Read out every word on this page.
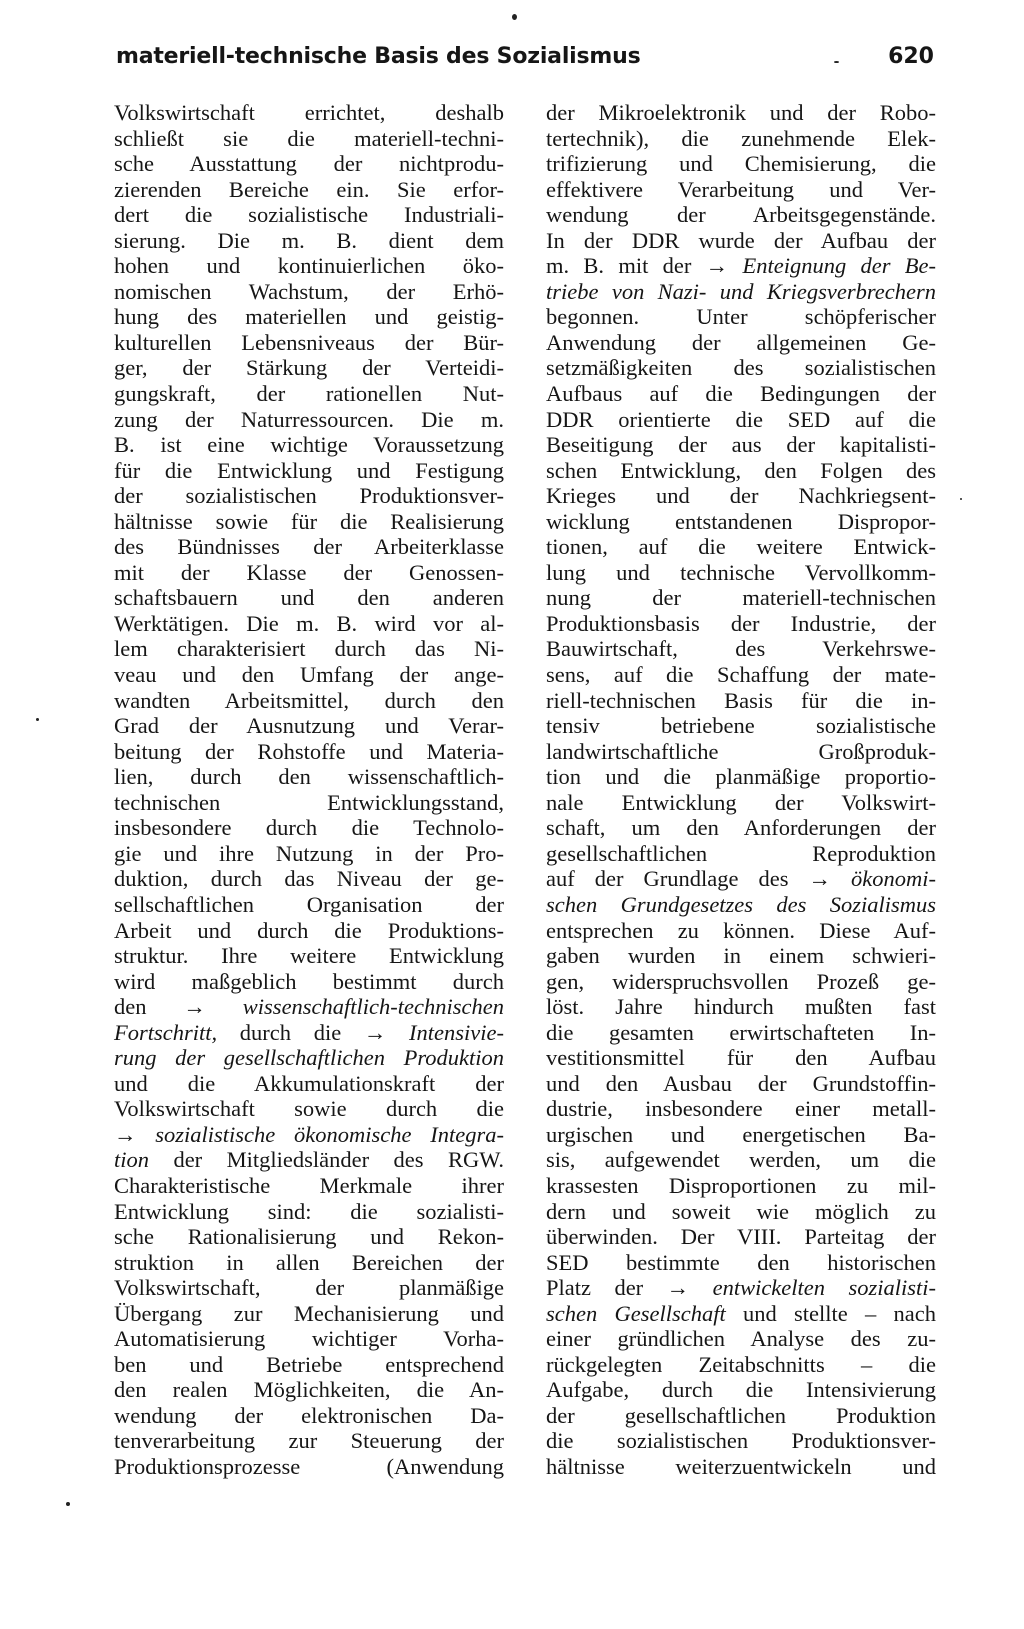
materiell-technische Basis des Sozialismus	620
Volkswirtschaft errichtet, deshalb
schließt sie die materiell-techni-
sche Ausstattung der nichtprodu-
zierenden Bereiche ein. Sie erfor-
dert die sozialistische Industriali-
sierung. Die m. B. dient dem
hohen und kontinuierlichen öko-
nomischen Wachstum, der Erhö-
hung des materiellen und geistig-
kulturellen Lebensniveaus der Bür-
ger, der Stärkung der Verteidi-
gungskraft, der rationellen Nut-
zung der Naturressourcen. Die m.
B. ist eine wichtige Voraussetzung
für die Entwicklung und Festigung
der sozialistischen Produktionsver-
hältnisse sowie für die Realisierung
des Bündnisses der Arbeiterklasse
mit der Klasse der Genossen-
schaftsbauern und den anderen
Werktätigen. Die m. B. wird vor al-
lem charakterisiert durch das Ni-
veau und den Umfang der ange-
wandten Arbeitsmittel, durch den
Grad der Ausnutzung und Verar-
beitung der Rohstoffe und Materia-
lien, durch den wissenschaftlich-
technischen Entwicklungsstand,
insbesondere durch die Technolo-
gie und ihre Nutzung in der Pro-
duktion, durch das Niveau der ge-
sellschaftlichen Organisation der
Arbeit und durch die Produktions-
struktur. Ihre weitere Entwicklung
wird maßgeblich bestimmt durch
den → wissenschaftlich-technischen
Fortschritt, durch die → Intensivie-
rung der gesellschaftlichen Produktion
und die Akkumulationskraft der
Volkswirtschaft sowie durch die
→ sozialistische ökonomische Integra-
tion der Mitgliedsländer des RGW.
Charakteristische Merkmale ihrer
Entwicklung sind: die sozialisti-
sche Rationalisierung und Rekon-
struktion in allen Bereichen der
Volkswirtschaft, der planmäßige
Übergang zur Mechanisierung und
Automatisierung wichtiger Vorha-
ben und Betriebe entsprechend
den realen Möglichkeiten, die An-
wendung der elektronischen Da-
tenverarbeitung zur Steuerung der
Produktionsprozesse (Anwendung
der Mikroelektronik und der Robo-
tertechnik), die zunehmende Elek-
trifizierung und Chemisierung, die
effektivere Verarbeitung und Ver-
wendung der Arbeitsgegenstände.
In der DDR wurde der Aufbau der
m. B. mit der → Enteignung der Be-
triebe von Nazi- und Kriegsverbrechern
begonnen. Unter schöpferischer
Anwendung der allgemeinen Ge-
setzmäßigkeiten des sozialistischen
Aufbaus auf die Bedingungen der
DDR orientierte die SED auf die
Beseitigung der aus der kapitalisti-
schen Entwicklung, den Folgen des
Krieges und der Nachkriegsent-
wicklung entstandenen Dispropor-
tionen, auf die weitere Entwick-
lung und technische Vervollkomm-
nung der materiell-technischen
Produktionsbasis der Industrie, der
Bauwirtschaft, des Verkehrswe-
sens, auf die Schaffung der mate-
riell-technischen Basis für die in-
tensiv betriebene sozialistische
landwirtschaftliche Großproduk-
tion und die planmäßige proportio-
nale Entwicklung der Volkswirt-
schaft, um den Anforderungen der
gesellschaftlichen Reproduktion
auf der Grundlage des → ökonomi-
schen Grundgesetzes des Sozialismus
entsprechen zu können. Diese Auf-
gaben wurden in einem schwieri-
gen, widerspruchsvollen Prozeß ge-
löst. Jahre hindurch mußten fast
die gesamten erwirtschafteten In-
vestitionsmittel für den Aufbau
und den Ausbau der Grundstoffin-
dustrie, insbesondere einer metall-
urgischen und energetischen Ba-
sis, aufgewendet werden, um die
krassesten Disproportionen zu mil-
dern und soweit wie möglich zu
überwinden. Der VIII. Parteitag der
SED bestimmte den historischen
Platz der → entwickelten sozialisti-
schen Gesellschaft und stellte – nach
einer gründlichen Analyse des zu-
rückgelegten Zeitabschnitts – die
Aufgabe, durch die Intensivierung
der gesellschaftlichen Produktion
die sozialistischen Produktionsver-
hältnisse weiterzuentwickeln und
